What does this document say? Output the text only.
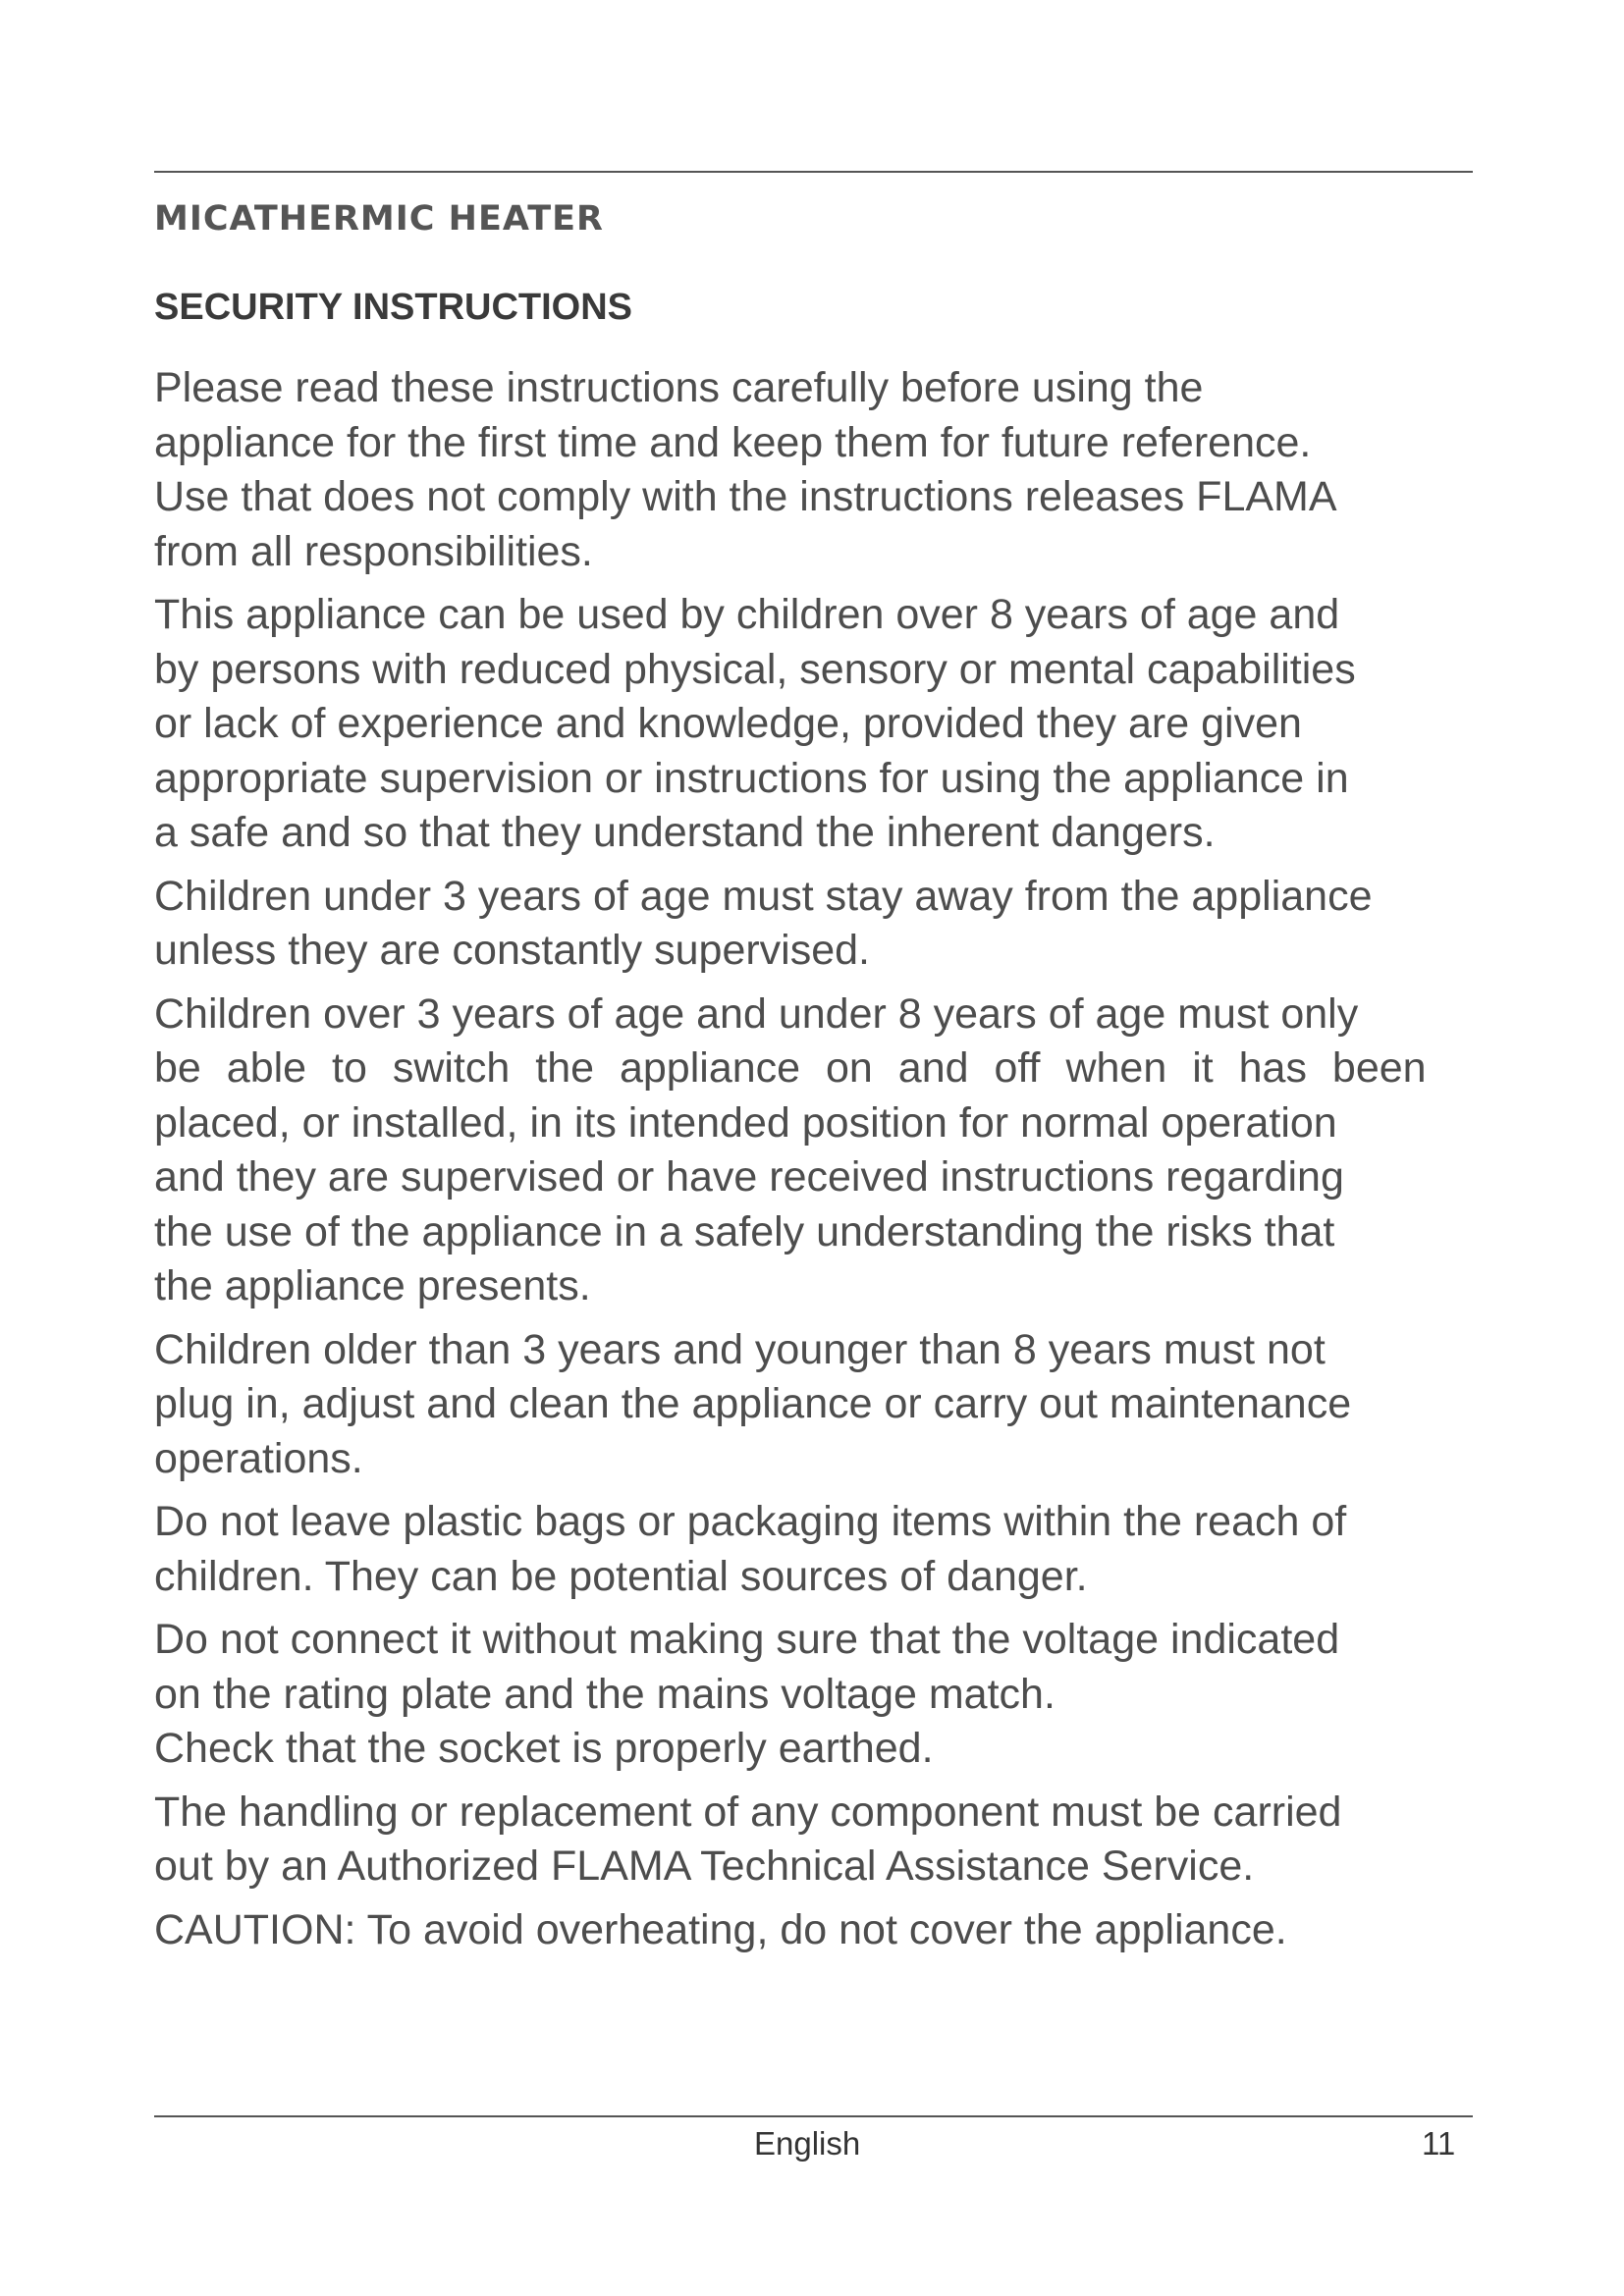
MICATHERMIC HEATER
SECURITY INSTRUCTIONS

Please read these instructions carefully before using the
appliance for the first time and keep them for future reference.
Use that does not comply with the instructions releases FLAMA
from all responsibilities.

This appliance can be used by children over 8 years of age and
by persons with reduced physical, sensory or mental capabilities
or lack of experience and knowledge, provided they are given
appropriate supervision or instructions for using the appliance in
a safe and so that they understand the inherent dangers.

Children under 3 years of age must stay away from the appliance
unless they are constantly supervised.

Children over 3 years of age and under 8 years of age must only
be able to switch the appliance on and off when it has been
placed, or installed, in its intended position for normal operation
and they are supervised or have received instructions regarding
the use of the appliance in a safely understanding the risks that
the appliance presents.

Children older than 3 years and younger than 8 years must not
plug in, adjust and clean the appliance or carry out maintenance
operations.

Do not leave plastic bags or packaging items within the reach of
children. They can be potential sources of danger.

Do not connect it without making sure that the voltage indicated
on the rating plate and the mains voltage match.

Check that the socket is properly earthed.

The handling or replacement of any component must be carried
out by an Authorized FLAMA Technical Assistance Service.

CAUTION: To avoid overheating, do not cover the appliance.

English	11
